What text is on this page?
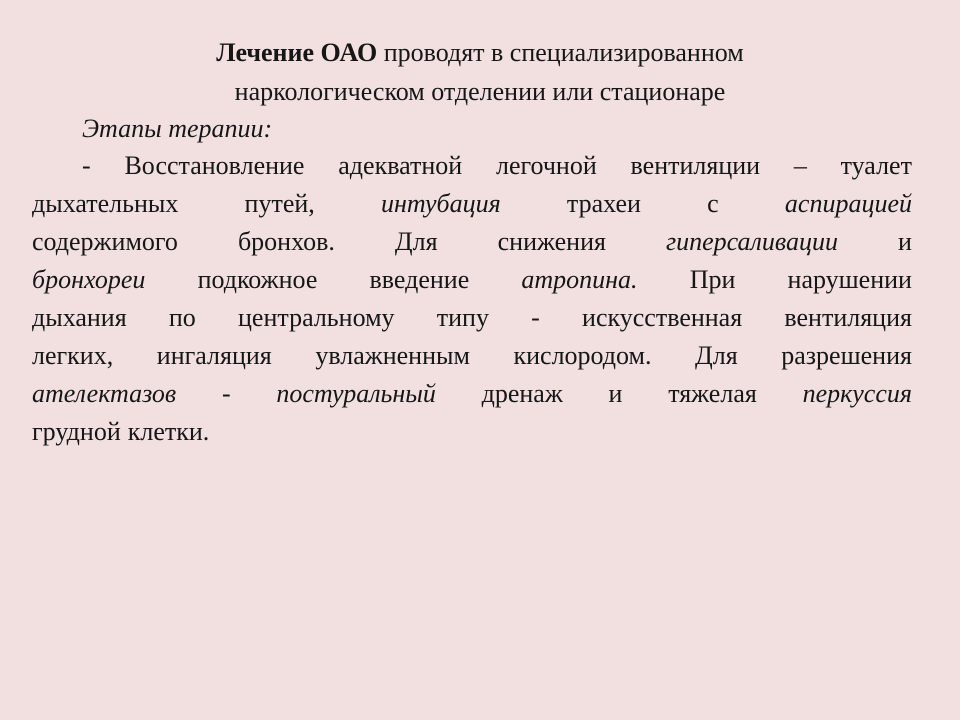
Лечение ОАО проводят в специализированном
наркологическом отделении или стационаре
Этапы терапии:
- Восстановление адекватной легочной вентиляции – туалет
дыхательных	путей,	интубация	трахеи	с	аспирацией
содержимого бронхов. Для снижения гиперсаливации и
бронхореи подкожное введение атропина. При нарушении
дыхания по центральному типу - искусственная вентиляция
легких, ингаляция увлажненным кислородом. Для разрешения
ателектазов - постуральный дренаж и тяжелая перкуссия
грудной клетки.
